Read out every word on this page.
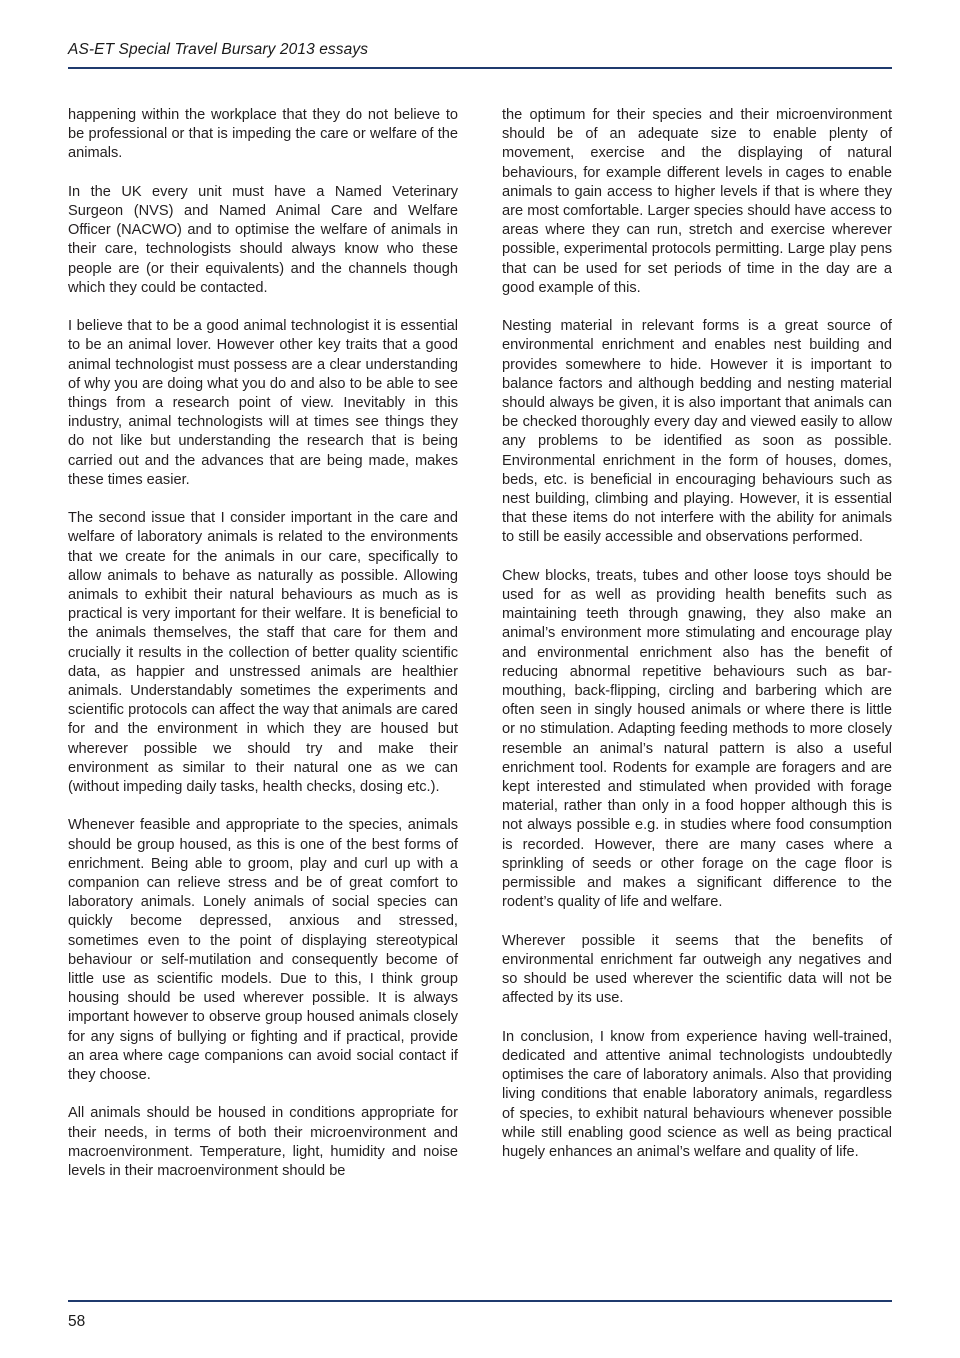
AS-ET Special Travel Bursary 2013 essays

happening within the workplace that they do not believe to be professional or that is impeding the care or welfare of the animals.

In the UK every unit must have a Named Veterinary Surgeon (NVS) and Named Animal Care and Welfare Officer (NACWO) and to optimise the welfare of animals in their care, technologists should always know who these people are (or their equivalents) and the channels though which they could be contacted.

I believe that to be a good animal technologist it is essential to be an animal lover. However other key traits that a good animal technologist must possess are a clear understanding of why you are doing what you do and also to be able to see things from a research point of view. Inevitably in this industry, animal technologists will at times see things they do not like but understanding the research that is being carried out and the advances that are being made, makes these times easier.

The second issue that I consider important in the care and welfare of laboratory animals is related to the environments that we create for the animals in our care, specifically to allow animals to behave as naturally as possible. Allowing animals to exhibit their natural behaviours as much as is practical is very important for their welfare. It is beneficial to the animals themselves, the staff that care for them and crucially it results in the collection of better quality scientific data, as happier and unstressed animals are healthier animals. Understandably sometimes the experiments and scientific protocols can affect the way that animals are cared for and the environment in which they are housed but wherever possible we should try and make their environment as similar to their natural one as we can (without impeding daily tasks, health checks, dosing etc.).

Whenever feasible and appropriate to the species, animals should be group housed, as this is one of the best forms of enrichment. Being able to groom, play and curl up with a companion can relieve stress and be of great comfort to laboratory animals. Lonely animals of social species can quickly become depressed, anxious and stressed, sometimes even to the point of displaying stereotypical behaviour or self-mutilation and consequently become of little use as scientific models. Due to this, I think group housing should be used wherever possible. It is always important however to observe group housed animals closely for any signs of bullying or fighting and if practical, provide an area where cage companions can avoid social contact if they choose.

All animals should be housed in conditions appropriate for their needs, in terms of both their microenvironment and macroenvironment. Temperature, light, humidity and noise levels in their macroenvironment should be

the optimum for their species and their microenvironment should be of an adequate size to enable plenty of movement, exercise and the displaying of natural behaviours, for example different levels in cages to enable animals to gain access to higher levels if that is where they are most comfortable. Larger species should have access to areas where they can run, stretch and exercise wherever possible, experimental protocols permitting. Large play pens that can be used for set periods of time in the day are a good example of this.

Nesting material in relevant forms is a great source of environmental enrichment and enables nest building and provides somewhere to hide. However it is important to balance factors and although bedding and nesting material should always be given, it is also important that animals can be checked thoroughly every day and viewed easily to allow any problems to be identified as soon as possible. Environmental enrichment in the form of houses, domes, beds, etc. is beneficial in encouraging behaviours such as nest building, climbing and playing. However, it is essential that these items do not interfere with the ability for animals to still be easily accessible and observations performed.

Chew blocks, treats, tubes and other loose toys should be used for as well as providing health benefits such as maintaining teeth through gnawing, they also make an animal’s environment more stimulating and encourage play and environmental enrichment also has the benefit of reducing abnormal repetitive behaviours such as bar-mouthing, back-flipping, circling and barbering which are often seen in singly housed animals or where there is little or no stimulation. Adapting feeding methods to more closely resemble an animal’s natural pattern is also a useful enrichment tool. Rodents for example are foragers and are kept interested and stimulated when provided with forage material, rather than only in a food hopper although this is not always possible e.g. in studies where food consumption is recorded. However, there are many cases where a sprinkling of seeds or other forage on the cage floor is permissible and makes a significant difference to the rodent’s quality of life and welfare.

Wherever possible it seems that the benefits of environmental enrichment far outweigh any negatives and so should be used wherever the scientific data will not be affected by its use.

In conclusion, I know from experience having well-trained, dedicated and attentive animal technologists undoubtedly optimises the care of laboratory animals. Also that providing living conditions that enable laboratory animals, regardless of species, to exhibit natural behaviours whenever possible while still enabling good science as well as being practical hugely enhances an animal’s welfare and quality of life.

58
